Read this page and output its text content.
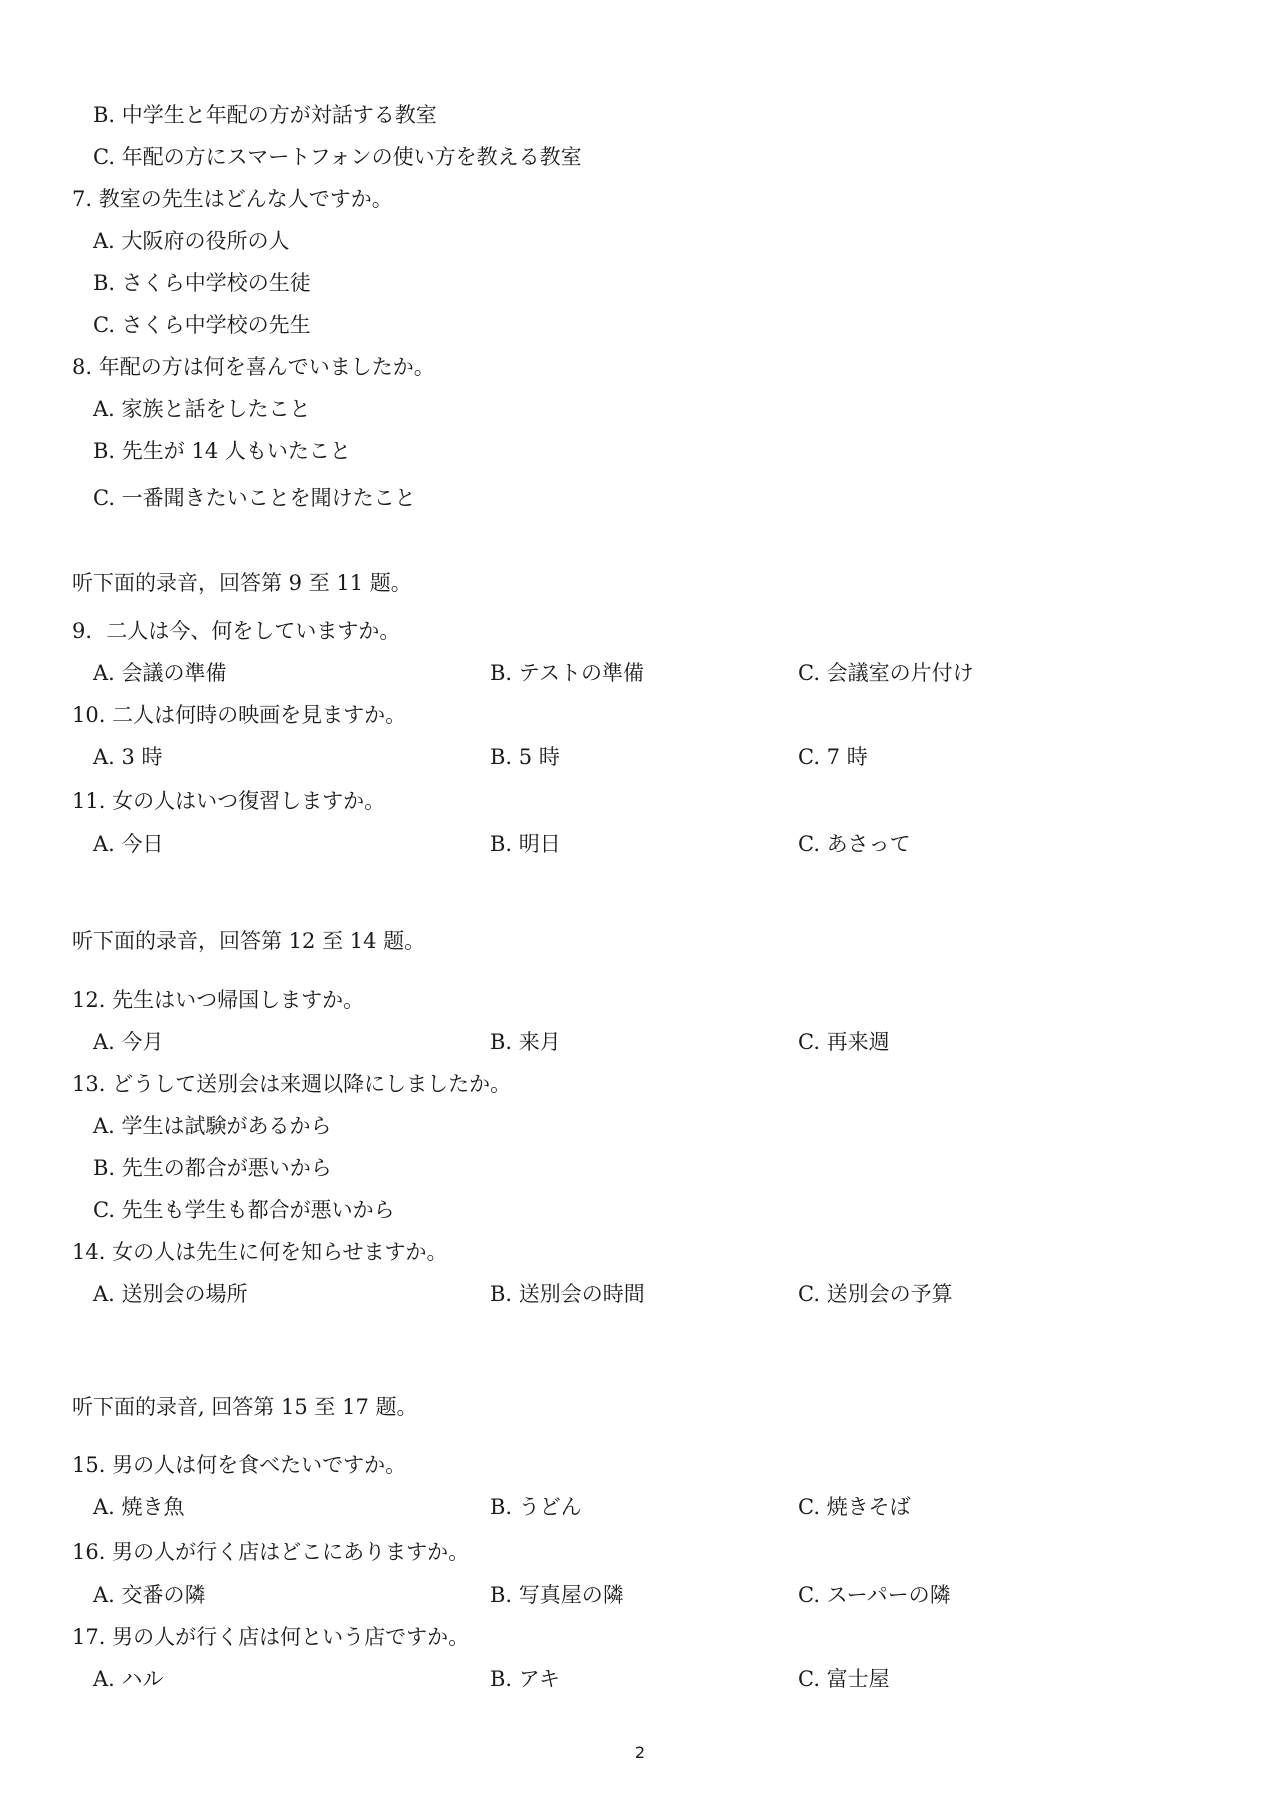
B. 中学生と年配の方が対話する教室
C. 年配の方にスマートフォンの使い方を教える教室
7. 教室の先生はどんな人ですか。
A. 大阪府の役所の人
B. さくら中学校の生徒
C. さくら中学校の先生
8. 年配の方は何を喜んでいましたか。
A. 家族と話をしたこと
B. 先生が 14 人もいたこと
C. 一番聞きたいことを聞けたこと
听下面的录音，回答第 9 至 11 题。
9．二人は今、何をしていますか。
A. 会議の準備	B. テストの準備	C. 会議室の片付け
10. 二人は何時の映画を見ますか。
A. 3 時	B. 5 時	C. 7 時
11. 女の人はいつ復習しますか。
A. 今日	B. 明日	C. あさって
听下面的录音，回答第 12 至 14 题。
12. 先生はいつ帰国しますか。
A. 今月	B. 来月	C. 再来週
13. どうして送別会は来週以降にしましたか。
A. 学生は試験があるから
B. 先生の都合が悪いから
C. 先生も学生も都合が悪いから
14. 女の人は先生に何を知らせますか。
A. 送別会の場所	B. 送別会の時間	C. 送別会の予算
听下面的录音, 回答第 15 至 17 题。
15. 男の人は何を食べたいですか。
A. 焼き魚	B. うどん	C. 焼きそば
16. 男の人が行く店はどこにありますか。
A. 交番の隣	B. 写真屋の隣	C. スーパーの隣
17. 男の人が行く店は何という店ですか。
A. ハル	B. アキ	C. 富士屋
2
